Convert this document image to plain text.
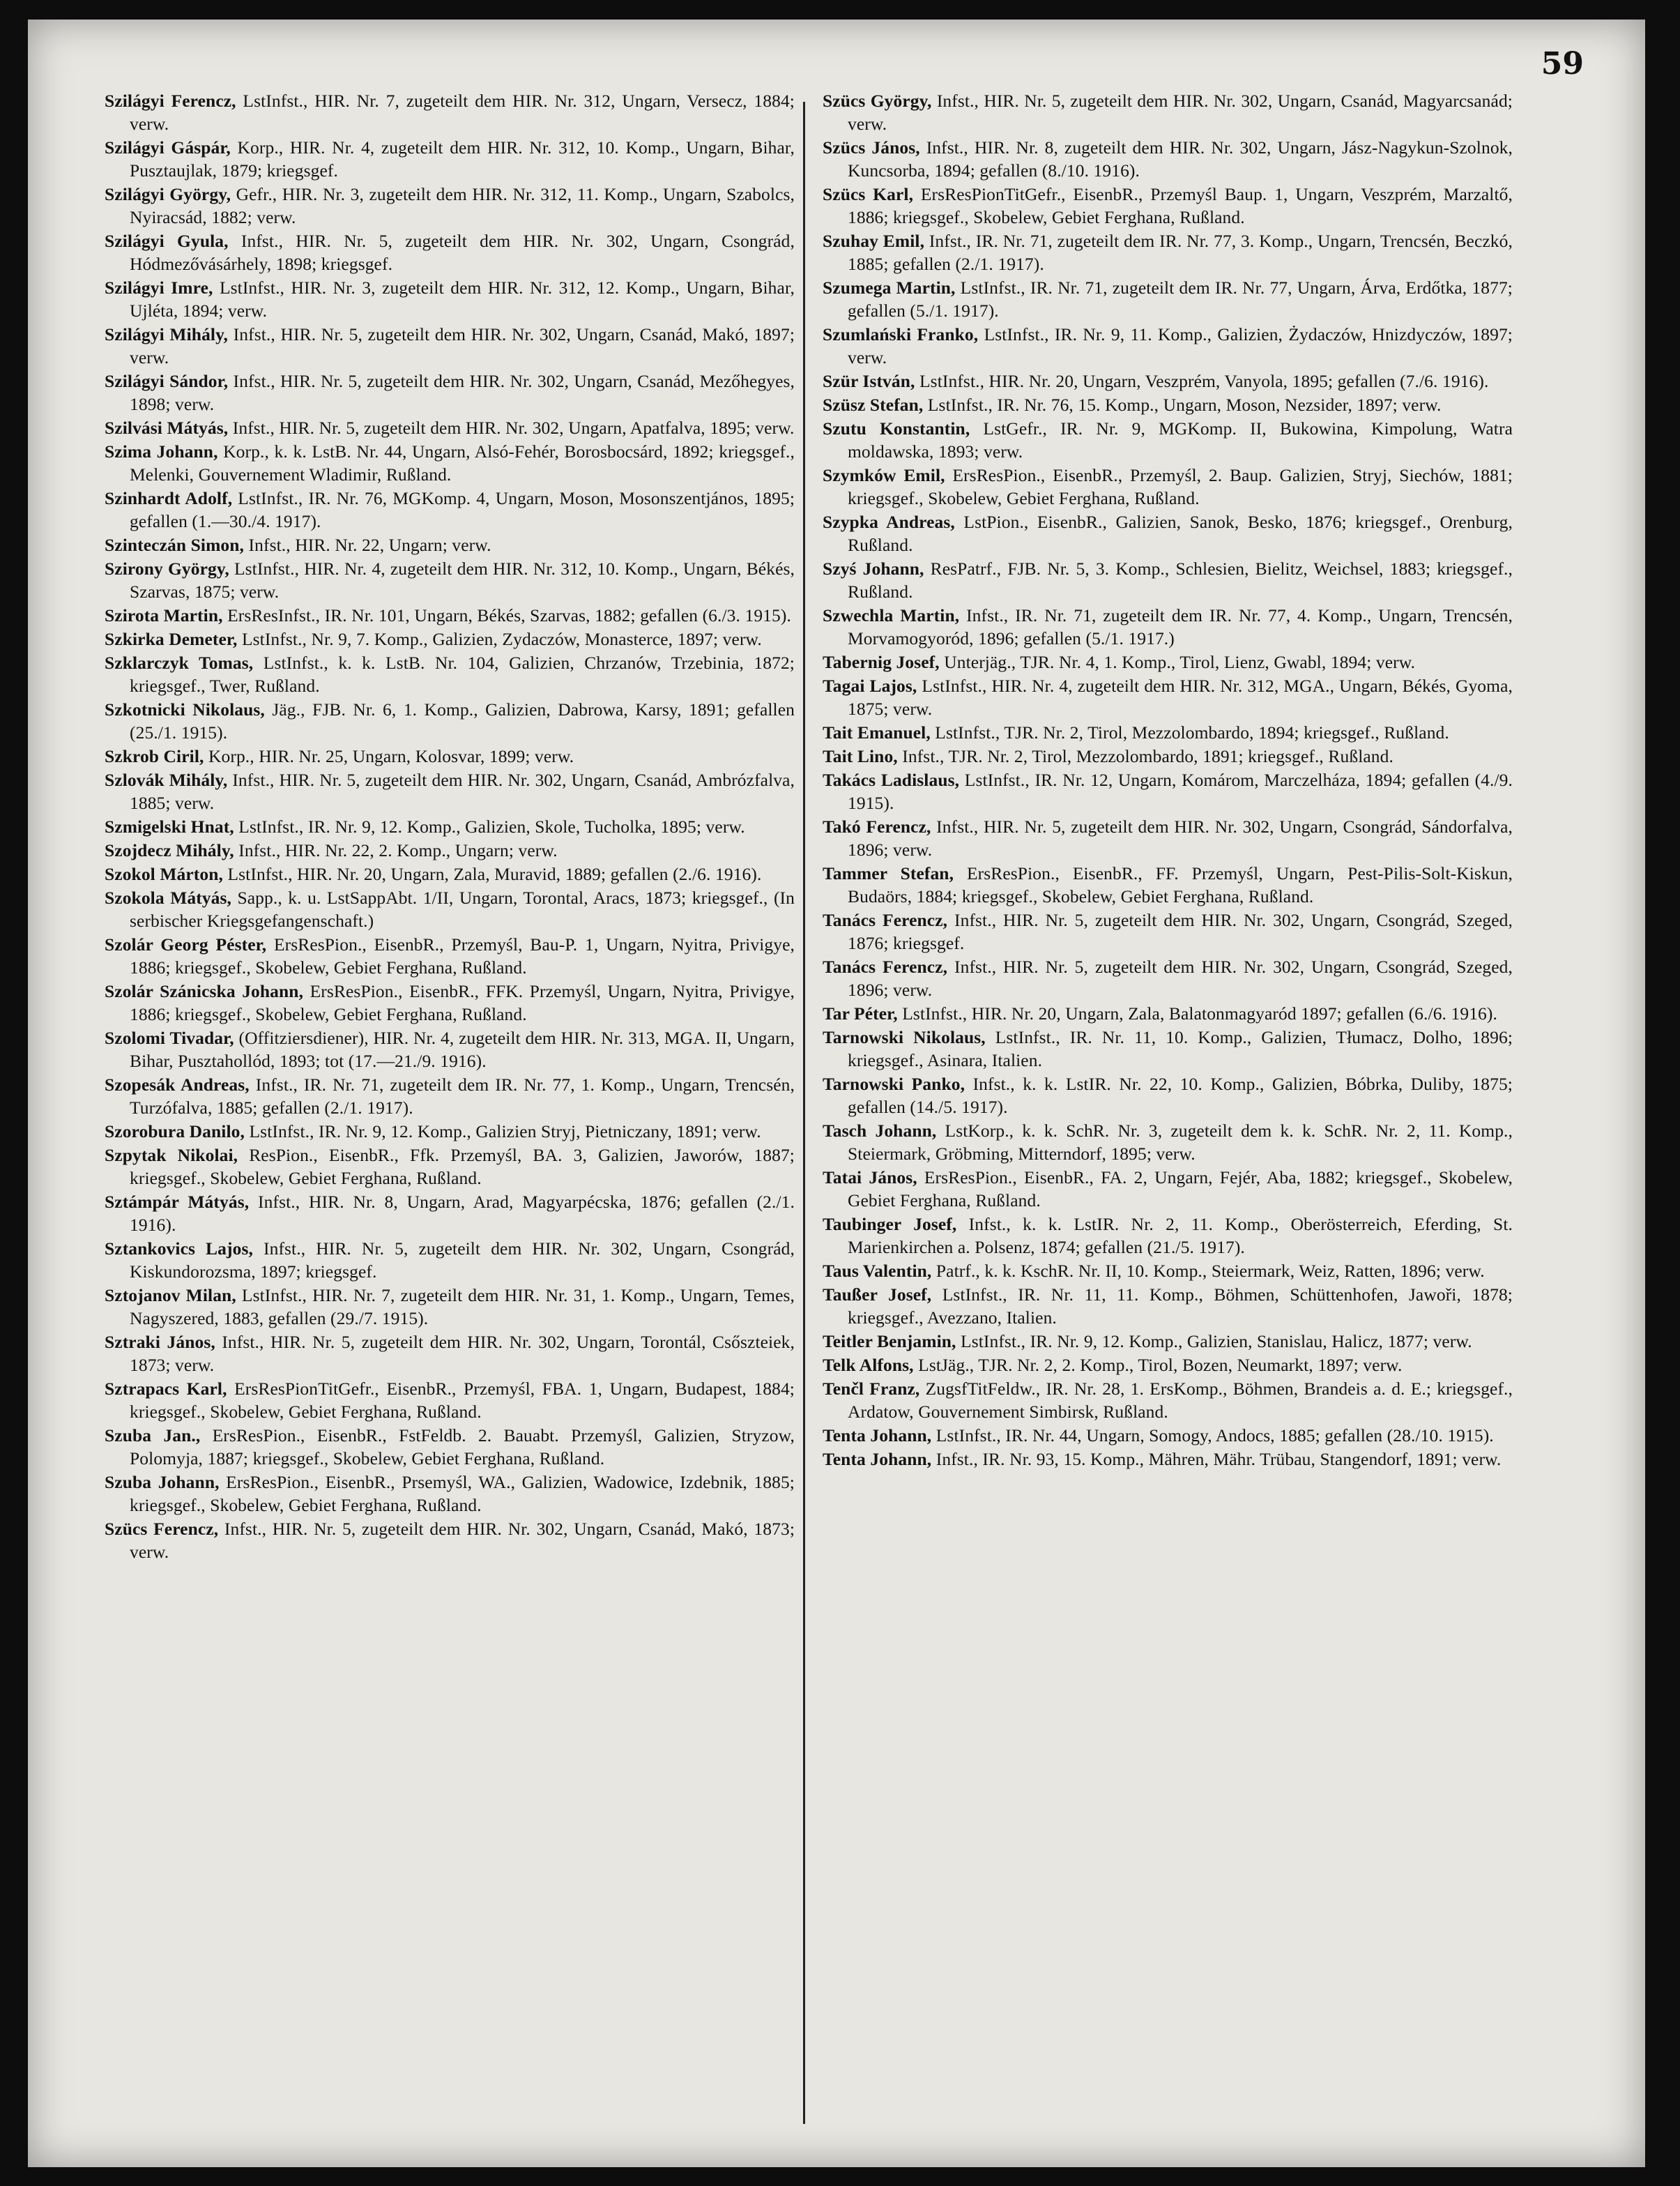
59

Szilágyi Ferencz, LstInfst., HIR. Nr. 7, zugeteilt dem HIR. Nr. 312, Ungarn, Versecz, 1884; verw.

Szilágyi Gáspár, Korp., HIR. Nr. 4, zugeteilt dem HIR. Nr. 312, 10. Komp., Ungarn, Bihar, Pusztaujlak, 1879; kriegsgef.

Szilágyi György, Gefr., HIR. Nr. 3, zugeteilt dem HIR. Nr. 312, 11. Komp., Ungarn, Szabolcs, Nyiracsád, 1882; verw.

Szilágyi Gyula, Infst., HIR. Nr. 5, zugeteilt dem HIR. Nr. 302, Ungarn, Csongrád, Hódmezővásárhely, 1898; kriegsgef.

Szilágyi Imre, LstInfst., HIR. Nr. 3, zugeteilt dem HIR. Nr. 312, 12. Komp., Ungarn, Bihar, Ujléta, 1894; verw.

Szilágyi Mihály, Infst., HIR. Nr. 5, zugeteilt dem HIR. Nr. 302, Ungarn, Csanád, Makó, 1897; verw.

Szilágyi Sándor, Infst., HIR. Nr. 5, zugeteilt dem HIR. Nr. 302, Ungarn, Csanád, Mezőhegyes, 1898; verw.

Szilvási Mátyás, Infst., HIR. Nr. 5, zugeteilt dem HIR. Nr. 302, Ungarn, Apatfalva, 1895; verw.

Szima Johann, Korp., k. k. LstB. Nr. 44, Ungarn, Alsó-Fehér, Borosbocsárd, 1892; kriegsgef., Melenki, Gouvernement Wladimir, Rußland.

Szinhardt Adolf, LstInfst., IR. Nr. 76, MGKomp. 4, Ungarn, Moson, Mosonszentjános, 1895; gefallen (1.—30./4. 1917).

Szinteczán Simon, Infst., HIR. Nr. 22, Ungarn; verw.

Szirony György, LstInfst., HIR. Nr. 4, zugeteilt dem HIR. Nr. 312, 10. Komp., Ungarn, Békés, Szarvas, 1875; verw.

Szirota Martin, ErsResInfst., IR. Nr. 101, Ungarn, Békés, Szarvas, 1882; gefallen (6./3. 1915).

Szkirka Demeter, LstInfst., Nr. 9, 7. Komp., Galizien, Zydaczów, Monasterce, 1897; verw.

Szklarczyk Tomas, LstInfst., k. k. LstB. Nr. 104, Galizien, Chrzanów, Trzebinia, 1872; kriegsgef., Twer, Rußland.

Szkotnicki Nikolaus, Jäg., FJB. Nr. 6, 1. Komp., Galizien, Dabrowa, Karsy, 1891; gefallen (25./1. 1915).

Szkrob Ciril, Korp., HIR. Nr. 25, Ungarn, Kolosvar, 1899; verw.

Szlovák Mihály, Infst., HIR. Nr. 5, zugeteilt dem HIR. Nr. 302, Ungarn, Csanád, Ambrózfalva, 1885; verw.

Szmigelski Hnat, LstInfst., IR. Nr. 9, 12. Komp., Galizien, Skole, Tucholka, 1895; verw.

Szojdecz Mihály, Infst., HIR. Nr. 22, 2. Komp., Ungarn; verw.

Szokol Márton, LstInfst., HIR. Nr. 20, Ungarn, Zala, Muravid, 1889; gefallen (2./6. 1916).

Szokola Mátyás, Sapp., k. u. LstSappAbt. 1/II, Ungarn, Torontal, Aracs, 1873; kriegsgef., (In serbischer Kriegsgefangenschaft.)

Szolár Georg Péster, ErsResPion., EisenbR., Przemyśl, Bau-P. 1, Ungarn, Nyitra, Privigye, 1886; kriegsgef., Skobelew, Gebiet Ferghana, Rußland.

Szolár Szánicska Johann, ErsResPion., EisenbR., FFK. Przemyśl, Ungarn, Nyitra, Privigye, 1886; kriegsgef., Skobelew, Gebiet Ferghana, Rußland.

Szolomi Tivadar, (Offitziersdiener), HIR. Nr. 4, zugeteilt dem HIR. Nr. 313, MGA. II, Ungarn, Bihar, Pusztahollód, 1893; tot (17.—21./9. 1916).

Szopesák Andreas, Infst., IR. Nr. 71, zugeteilt dem IR. Nr. 77, 1. Komp., Ungarn, Trencsén, Turzófalva, 1885; gefallen (2./1. 1917).

Szorobura Danilo, LstInfst., IR. Nr. 9, 12. Komp., Galizien Stryj, Pietniczany, 1891; verw.

Szpytak Nikolai, ResPion., EisenbR., Ffk. Przemyśl, BA. 3, Galizien, Jaworów, 1887; kriegsgef., Skobelew, Gebiet Ferghana, Rußland.

Sztámpár Mátyás, Infst., HIR. Nr. 8, Ungarn, Arad, Magyarpécska, 1876; gefallen (2./1. 1916).

Sztankovics Lajos, Infst., HIR. Nr. 5, zugeteilt dem HIR. Nr. 302, Ungarn, Csongrád, Kiskundorozsma, 1897; kriegsgef.

Sztojanov Milan, LstInfst., HIR. Nr. 7, zugeteilt dem HIR. Nr. 31, 1. Komp., Ungarn, Temes, Nagyszered, 1883, gefallen (29./7. 1915).

Sztraki János, Infst., HIR. Nr. 5, zugeteilt dem HIR. Nr. 302, Ungarn, Torontál, Csőszteiek, 1873; verw.

Sztrapacs Karl, ErsResPionTitGefr., EisenbR., Przemyśl, FBA. 1, Ungarn, Budapest, 1884; kriegsgef., Skobelew, Gebiet Ferghana, Rußland.

Szuba Jan., ErsResPion., EisenbR., FstFeldb. 2. Bauabt. Przemyśl, Galizien, Stryzow, Polomyja, 1887; kriegsgef., Skobelew, Gebiet Ferghana, Rußland.

Szuba Johann, ErsResPion., EisenbR., Prsemyśl, WA., Galizien, Wadowice, Izdebnik, 1885; kriegsgef., Skobelew, Gebiet Ferghana, Rußland.

Szücs Ferencz, Infst., HIR. Nr. 5, zugeteilt dem HIR. Nr. 302, Ungarn, Csanád, Makó, 1873; verw.

Szücs György, Infst., HIR. Nr. 5, zugeteilt dem HIR. Nr. 302, Ungarn, Csanád, Magyarcsanád; verw.

Szücs János, Infst., HIR. Nr. 8, zugeteilt dem HIR. Nr. 302, Ungarn, Jász-Nagykun-Szolnok, Kuncsorba, 1894; gefallen (8./10. 1916).

Szücs Karl, ErsResPionTitGefr., EisenbR., Przemyśl Baup. 1, Ungarn, Veszprém, Marzaltő, 1886; kriegsgef., Skobelew, Gebiet Ferghana, Rußland.

Szuhay Emil, Infst., IR. Nr. 71, zugeteilt dem IR. Nr. 77, 3. Komp., Ungarn, Trencsén, Beczkó, 1885; gefallen (2./1. 1917).

Szumega Martin, LstInfst., IR. Nr. 71, zugeteilt dem IR. Nr. 77, Ungarn, Árva, Erdőtka, 1877; gefallen (5./1. 1917).

Szumlański Franko, LstInfst., IR. Nr. 9, 11. Komp., Galizien, Żydaczów, Hnizdyczów, 1897; verw.

Szür István, LstInfst., HIR. Nr. 20, Ungarn, Veszprém, Vanyola, 1895; gefallen (7./6. 1916).

Szüsz Stefan, LstInfst., IR. Nr. 76, 15. Komp., Ungarn, Moson, Nezsider, 1897; verw.

Szutu Konstantin, LstGefr., IR. Nr. 9, MGKomp. II, Bukowina, Kimpolung, Watra moldawska, 1893; verw.

Szymków Emil, ErsResPion., EisenbR., Przemyśl, 2. Baup. Galizien, Stryj, Siechów, 1881; kriegsgef., Skobelew, Gebiet Ferghana, Rußland.

Szypka Andreas, LstPion., EisenbR., Galizien, Sanok, Besko, 1876; kriegsgef., Orenburg, Rußland.

Szyś Johann, ResPatrf., FJB. Nr. 5, 3. Komp., Schlesien, Bielitz, Weichsel, 1883; kriegsgef., Rußland.

Szwechla Martin, Infst., IR. Nr. 71, zugeteilt dem IR. Nr. 77, 4. Komp., Ungarn, Trencsén, Morvamogyoród, 1896; gefallen (5./1. 1917.)

Tabernig Josef, Unterjäg., TJR. Nr. 4, 1. Komp., Tirol, Lienz, Gwabl, 1894; verw.

Tagai Lajos, LstInfst., HIR. Nr. 4, zugeteilt dem HIR. Nr. 312, MGA., Ungarn, Békés, Gyoma, 1875; verw.

Tait Emanuel, LstInfst., TJR. Nr. 2, Tirol, Mezzolombardo, 1894; kriegsgef., Rußland.

Tait Lino, Infst., TJR. Nr. 2, Tirol, Mezzolombardo, 1891; kriegsgef., Rußland.

Takács Ladislaus, LstInfst., IR. Nr. 12, Ungarn, Komárom, Marczelháza, 1894; gefallen (4./9. 1915).

Takó Ferencz, Infst., HIR. Nr. 5, zugeteilt dem HIR. Nr. 302, Ungarn, Csongrád, Sándorfalva, 1896; verw.

Tammer Stefan, ErsResPion., EisenbR., FF. Przemyśl, Ungarn, Pest-Pilis-Solt-Kiskun, Budaörs, 1884; kriegsgef., Skobelew, Gebiet Ferghana, Rußland.

Tanács Ferencz, Infst., HIR. Nr. 5, zugeteilt dem HIR. Nr. 302, Ungarn, Csongrád, Szeged, 1876; kriegsgef.

Tanács Ferencz, Infst., HIR. Nr. 5, zugeteilt dem HIR. Nr. 302, Ungarn, Csongrád, Szeged, 1896; verw.

Tar Péter, LstInfst., HIR. Nr. 20, Ungarn, Zala, Balatonmagyaród 1897; gefallen (6./6. 1916).

Tarnowski Nikolaus, LstInfst., IR. Nr. 11, 10. Komp., Galizien, Tłumacz, Dolho, 1896; kriegsgef., Asinara, Italien.

Tarnowski Panko, Infst., k. k. LstIR. Nr. 22, 10. Komp., Galizien, Bóbrka, Duliby, 1875; gefallen (14./5. 1917).

Tasch Johann, LstKorp., k. k. SchR. Nr. 3, zugeteilt dem k. k. SchR. Nr. 2, 11. Komp., Steiermark, Gröbming, Mitterndorf, 1895; verw.

Tatai János, ErsResPion., EisenbR., FA. 2, Ungarn, Fejér, Aba, 1882; kriegsgef., Skobelew, Gebiet Ferghana, Rußland.

Taubinger Josef, Infst., k. k. LstIR. Nr. 2, 11. Komp., Oberösterreich, Eferding, St. Marienkirchen a. Polsenz, 1874; gefallen (21./5. 1917).

Taus Valentin, Patrf., k. k. KschR. Nr. II, 10. Komp., Steiermark, Weiz, Ratten, 1896; verw.

Taußer Josef, LstInfst., IR. Nr. 11, 11. Komp., Böhmen, Schüttenhofen, Jawoři, 1878; kriegsgef., Avezzano, Italien.

Teitler Benjamin, LstInfst., IR. Nr. 9, 12. Komp., Galizien, Stanislau, Halicz, 1877; verw.

Telk Alfons, LstJäg., TJR. Nr. 2, 2. Komp., Tirol, Bozen, Neumarkt, 1897; verw.

Tenčl Franz, ZugsfTitFeldw., IR. Nr. 28, 1. ErsKomp., Böhmen, Brandeis a. d. E.; kriegsgef., Ardatow, Gouvernement Simbirsk, Rußland.

Tenta Johann, LstInfst., IR. Nr. 44, Ungarn, Somogy, Andocs, 1885; gefallen (28./10. 1915).

Tenta Johann, Infst., IR. Nr. 93, 15. Komp., Mähren, Mähr. Trübau, Stangendorf, 1891; verw.
